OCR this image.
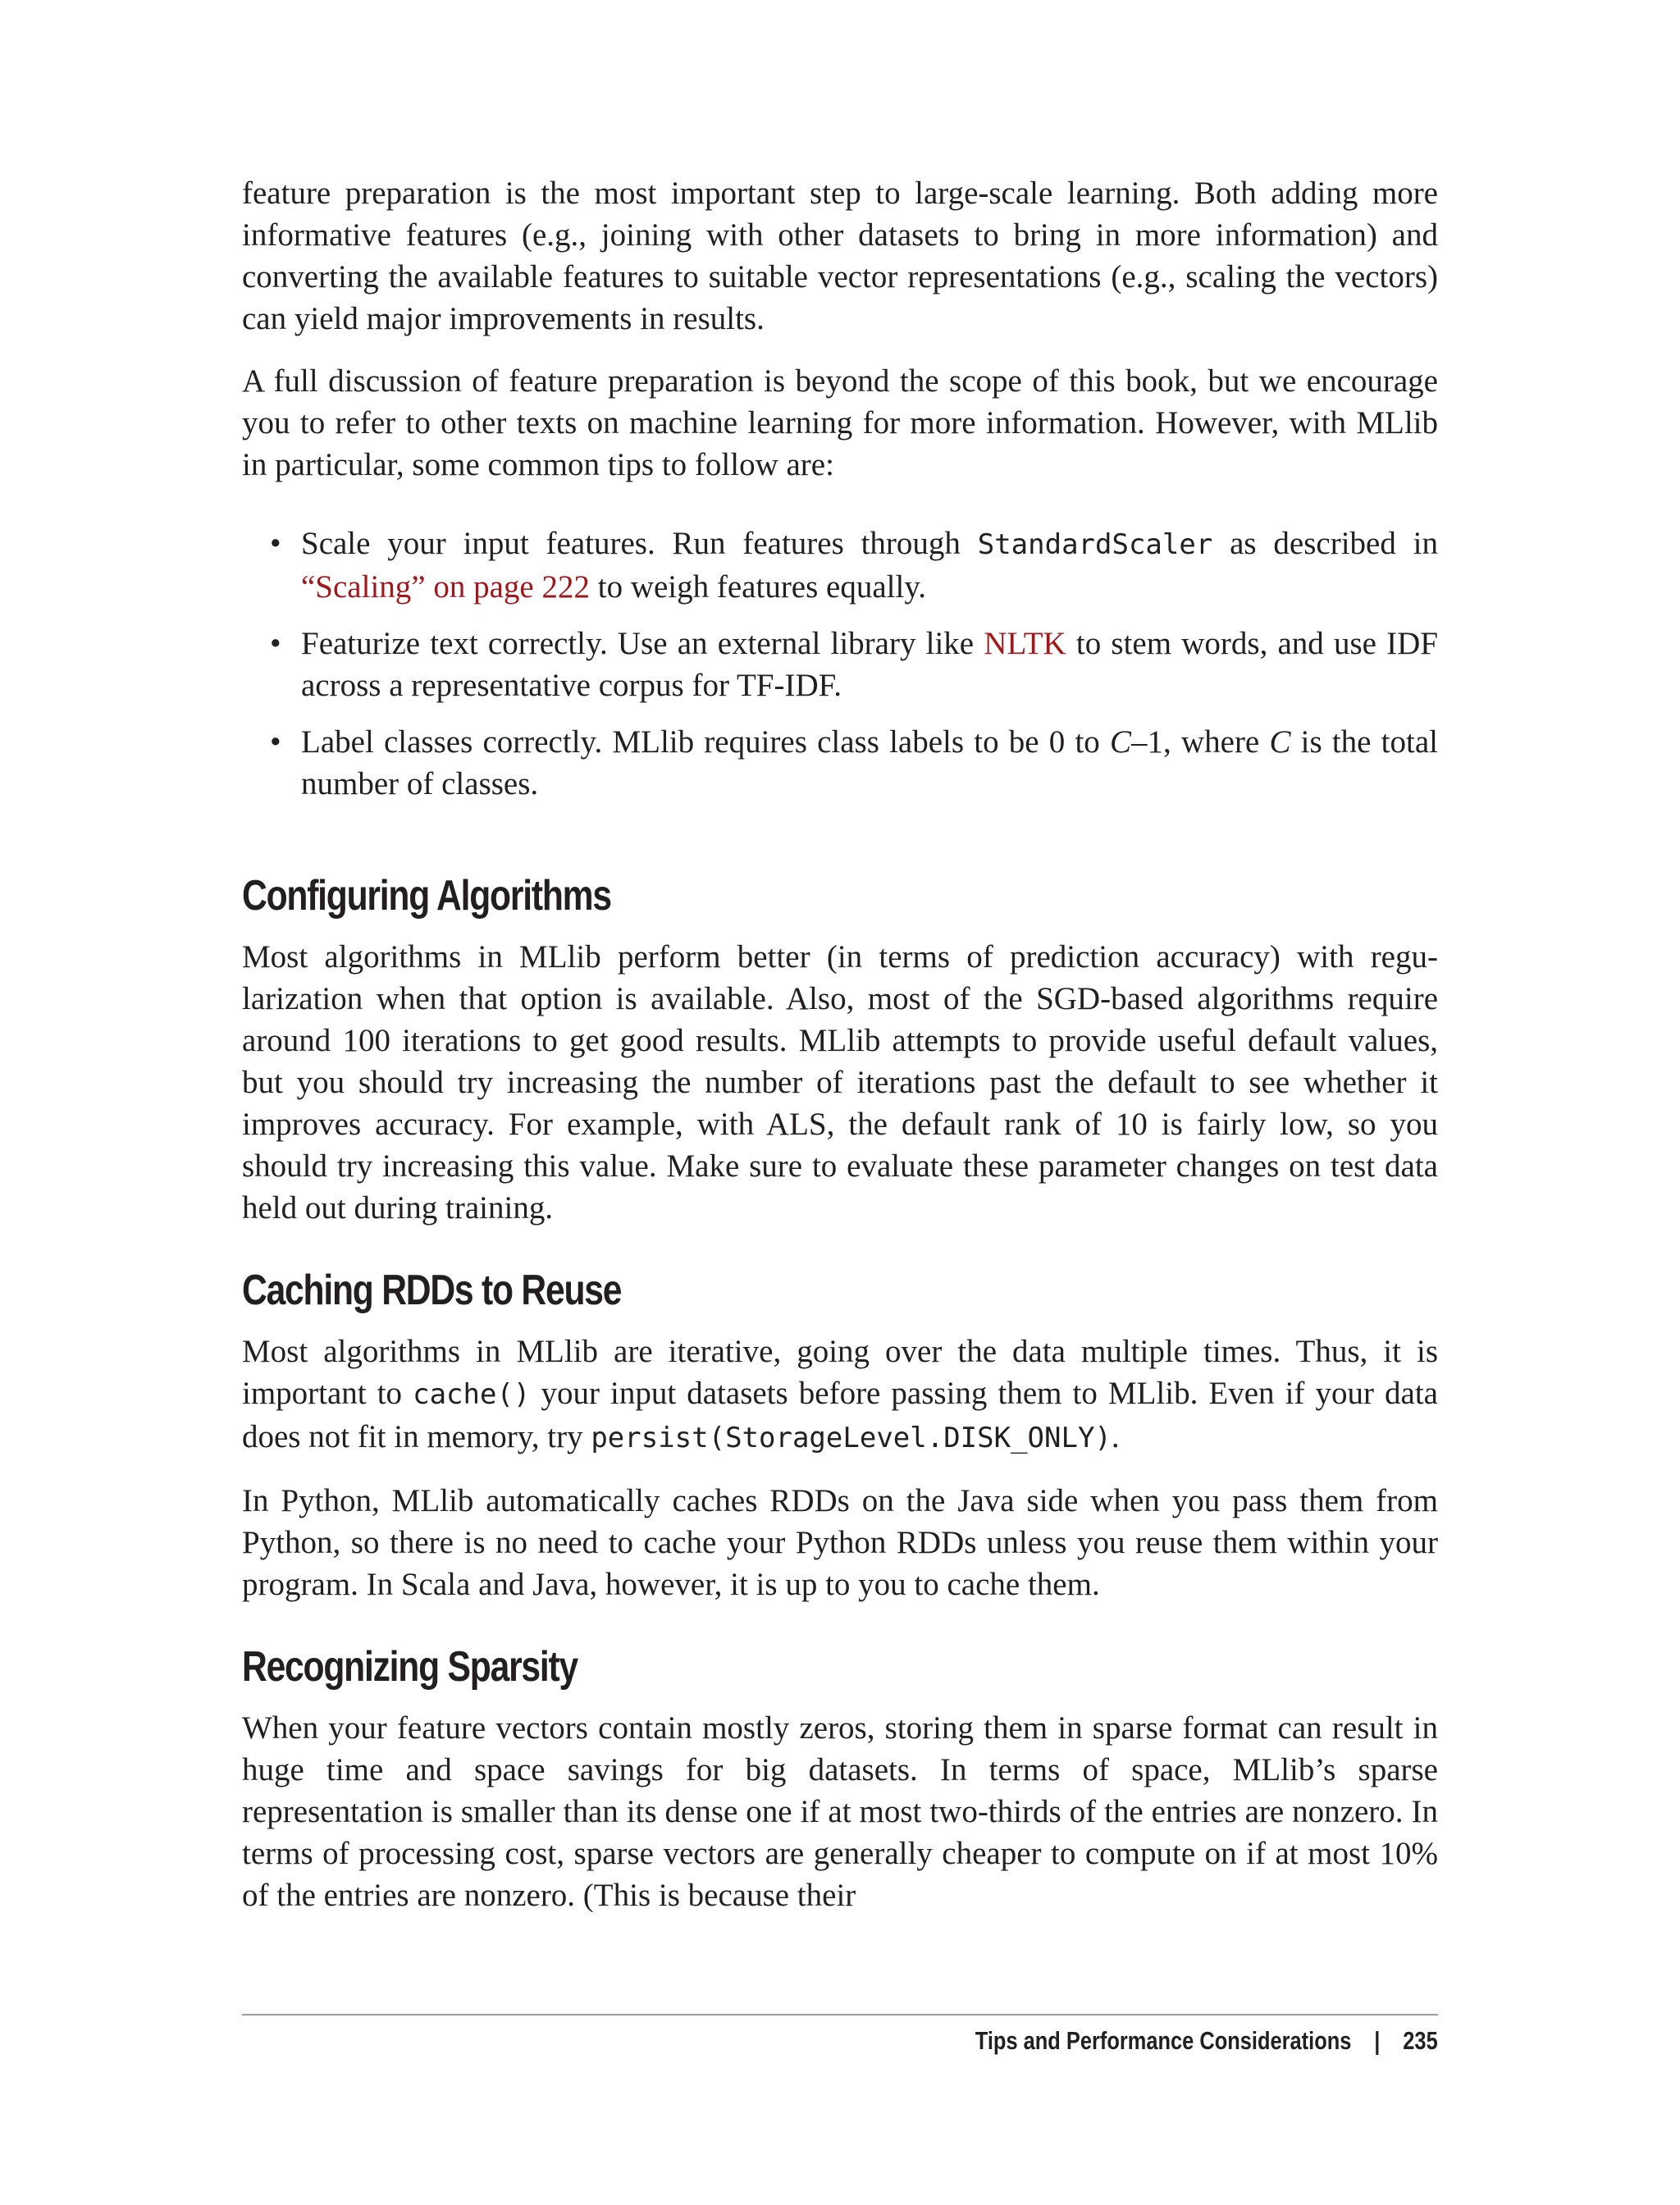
feature preparation is the most important step to large-scale learning. Both adding more informative features (e.g., joining with other datasets to bring in more information) and converting the available features to suitable vector representations (e.g., scaling the vectors) can yield major improvements in results.

A full discussion of feature preparation is beyond the scope of this book, but we encourage you to refer to other texts on machine learning for more information. However, with MLlib in particular, some common tips to follow are:

• Scale your input features. Run features through StandardScaler as described in “Scaling” on page 222 to weigh features equally.
• Featurize text correctly. Use an external library like NLTK to stem words, and use IDF across a representative corpus for TF-IDF.
• Label classes correctly. MLlib requires class labels to be 0 to C–1, where C is the total number of classes.
Configuring Algorithms

Most algorithms in MLlib perform better (in terms of prediction accuracy) with regularization when that option is available. Also, most of the SGD-based algorithms require around 100 iterations to get good results. MLlib attempts to provide useful default values, but you should try increasing the number of iterations past the default to see whether it improves accuracy. For example, with ALS, the default rank of 10 is fairly low, so you should try increasing this value. Make sure to evaluate these parameter changes on test data held out during training.

Caching RDDs to Reuse

Most algorithms in MLlib are iterative, going over the data multiple times. Thus, it is important to cache() your input datasets before passing them to MLlib. Even if your data does not fit in memory, try persist(StorageLevel.DISK_ONLY).

In Python, MLlib automatically caches RDDs on the Java side when you pass them from Python, so there is no need to cache your Python RDDs unless you reuse them within your program. In Scala and Java, however, it is up to you to cache them.

Recognizing Sparsity

When your feature vectors contain mostly zeros, storing them in sparse format can result in huge time and space savings for big datasets. In terms of space, MLlib’s sparse representation is smaller than its dense one if at most two-thirds of the entries are nonzero. In terms of processing cost, sparse vectors are generally cheaper to compute on if at most 10% of the entries are nonzero. (This is because their

Tips and Performance Considerations | 235
